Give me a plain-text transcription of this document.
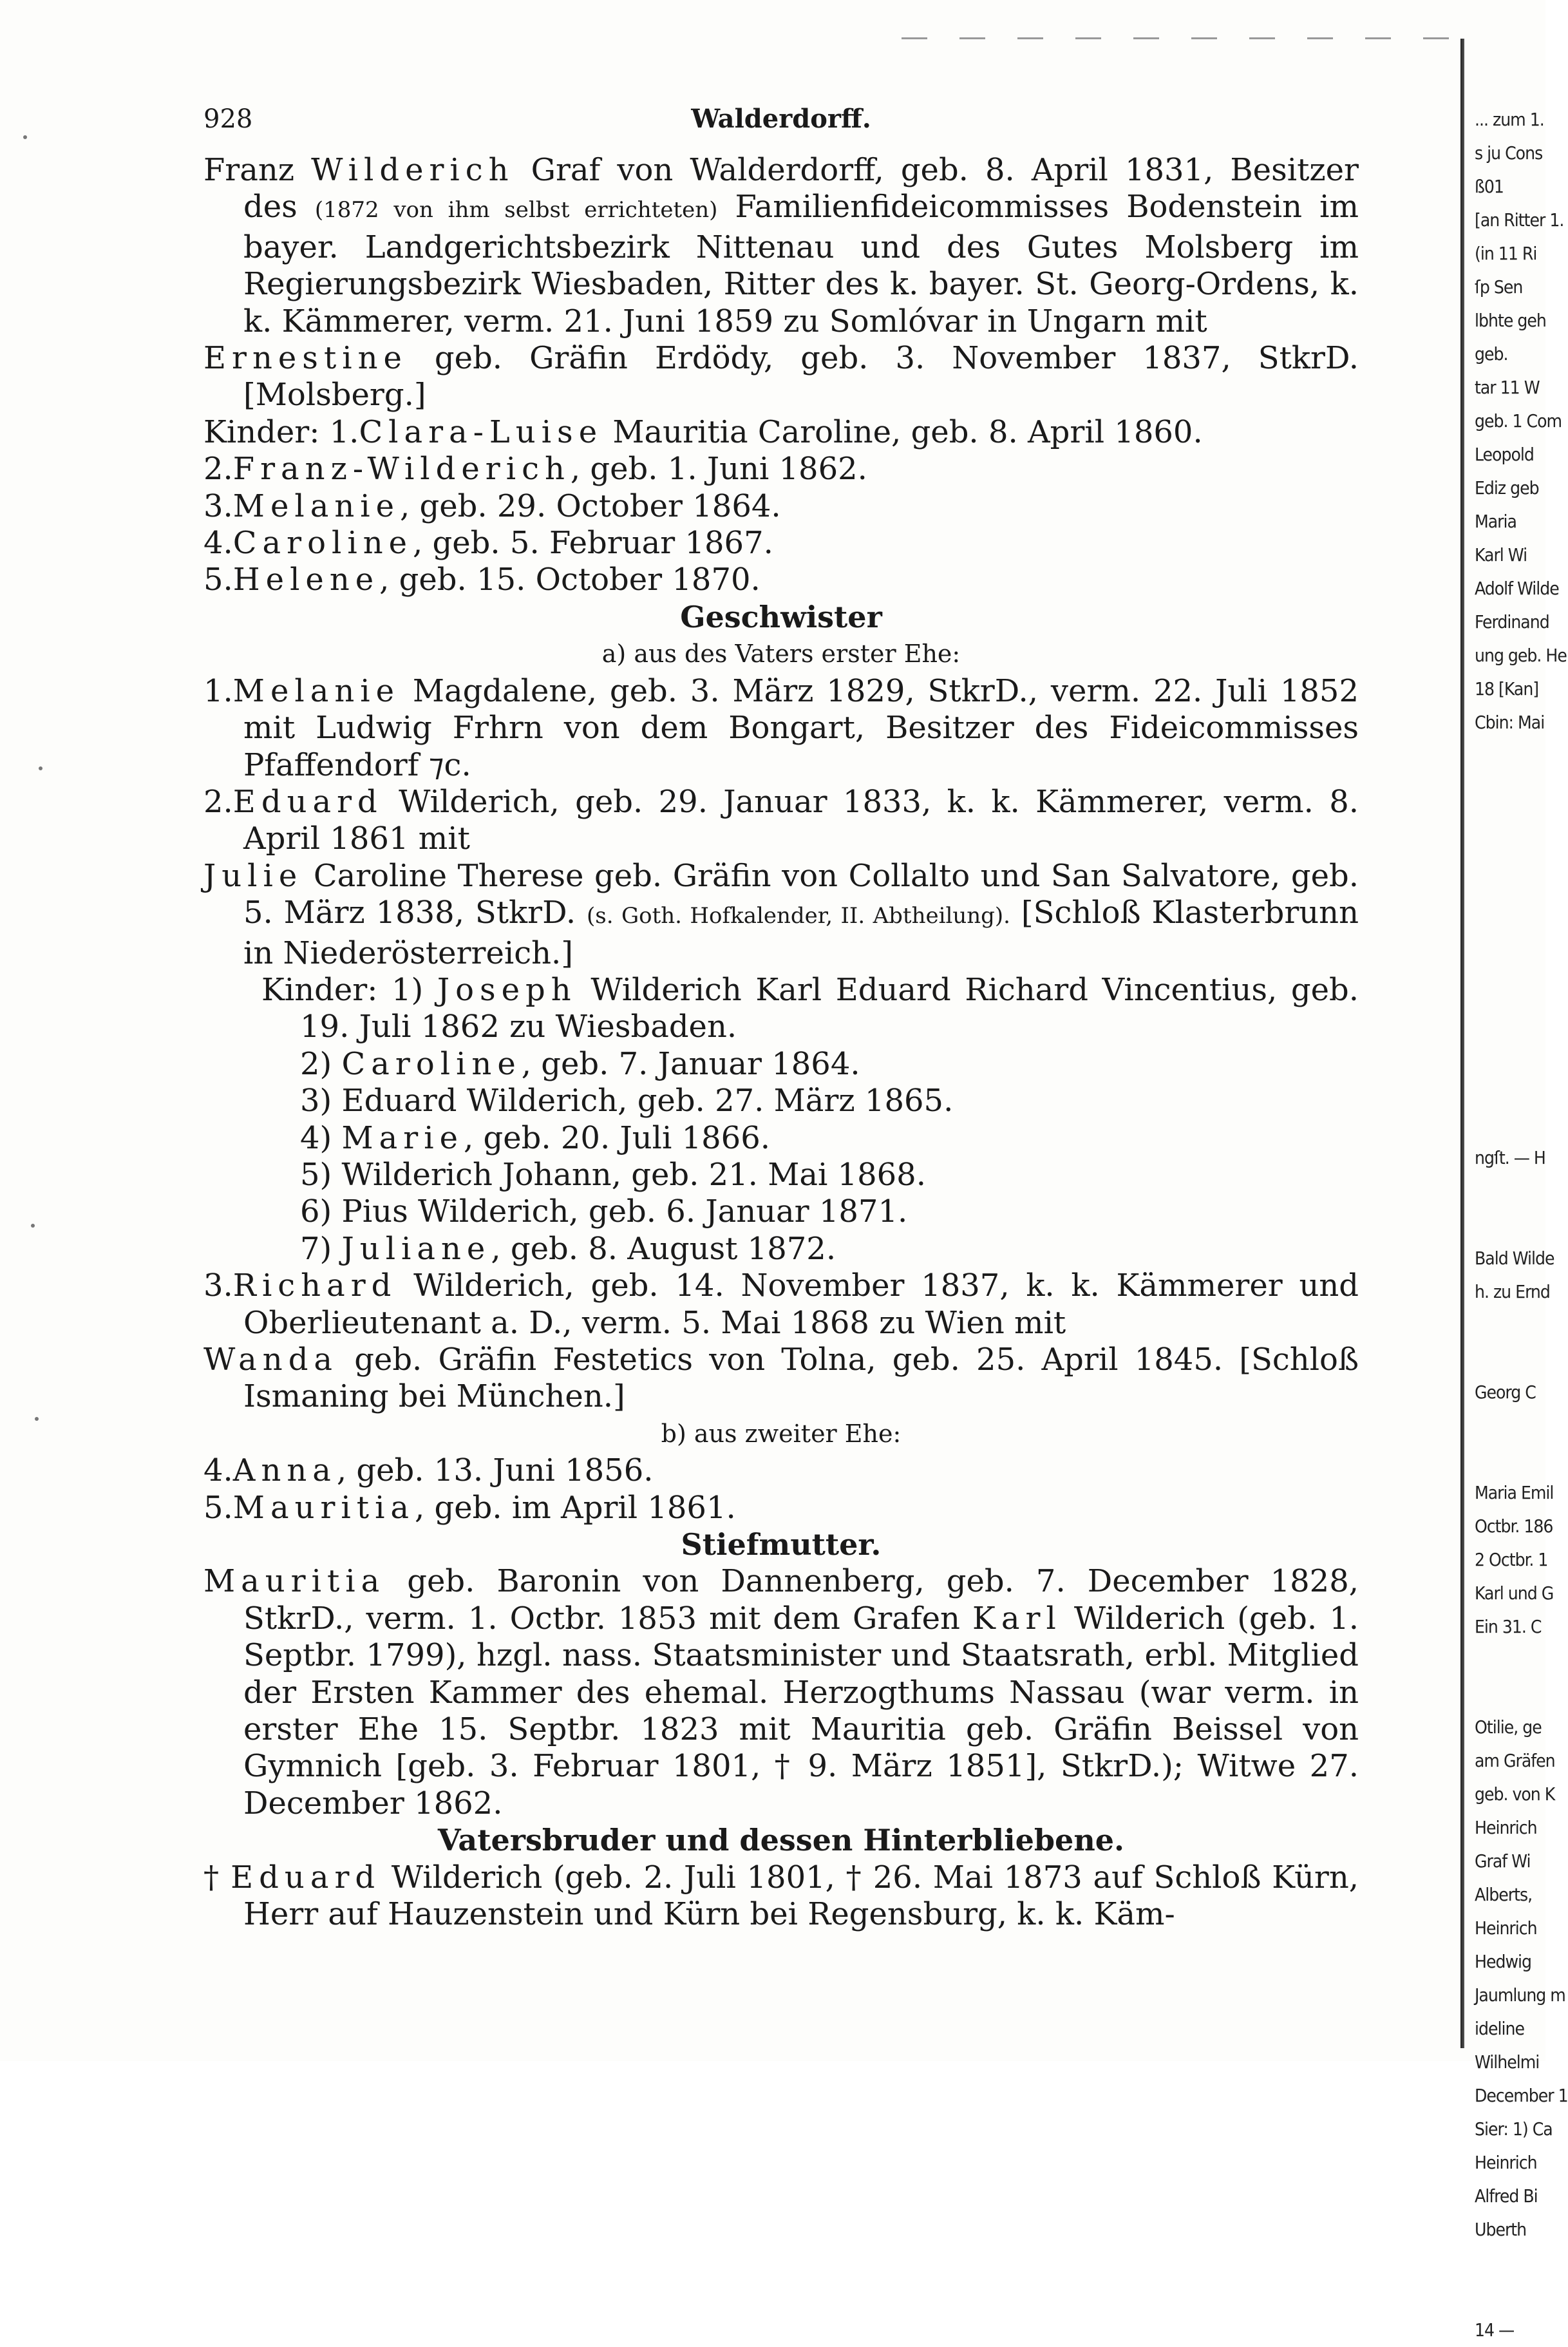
928	Walderdorff.

Franz Wilderich Graf von Walderdorff, geb. 8. April 1831, Besitzer des (1872 von ihm selbst errichteten) Familienfideicommisses Bodenstein im bayer. Landgerichtsbezirk Nittenau und des Gutes Molsberg im Regierungsbezirk Wiesbaden, Ritter des k. bayer. St. Georg-Ordens, k. k. Kämmerer, verm. 21. Juni 1859 zu Somlóvar in Ungarn mit

Ernestine geb. Gräfin Erdödy, geb. 3. November 1837, StkrD. [Molsberg.]

Kinder: 1.Clara-Luise Mauritia Caroline, geb. 8. April 1860.

2.Franz-Wilderich, geb. 1. Juni 1862.

3.Melanie, geb. 29. October 1864.

4.Caroline, geb. 5. Februar 1867.

5.Helene, geb. 15. October 1870.

Geschwister

a) aus des Vaters erster Ehe:

1.Melanie Magdalene, geb. 3. März 1829, StkrD., verm. 22. Juli 1852 mit Ludwig Frhrn von dem Bongart, Besitzer des Fideicommisses Pfaffendorf ⁊c.

2.Eduard Wilderich, geb. 29. Januar 1833, k. k. Kämmerer, verm. 8. April 1861 mit

Julie Caroline Therese geb. Gräfin von Collalto und San Salvatore, geb. 5. März 1838, StkrD. (s. Goth. Hofkalender, II. Abtheilung). [Schloß Klasterbrunn in Niederösterreich.]

Kinder: 1) Joseph Wilderich Karl Eduard Richard Vincentius, geb. 19. Juli 1862 zu Wiesbaden.

2) Caroline, geb. 7. Januar 1864.

3) Eduard Wilderich, geb. 27. März 1865.

4) Marie, geb. 20. Juli 1866.

5) Wilderich Johann, geb. 21. Mai 1868.

6) Pius Wilderich, geb. 6. Januar 1871.

7) Juliane, geb. 8. August 1872.

3.Richard Wilderich, geb. 14. November 1837, k. k. Kämmerer und Oberlieutenant a. D., verm. 5. Mai 1868 zu Wien mit

Wanda geb. Gräfin Festetics von Tolna, geb. 25. April 1845. [Schloß Ismaning bei München.]

b) aus zweiter Ehe:

4.Anna, geb. 13. Juni 1856.

5.Mauritia, geb. im April 1861.

Stiefmutter.

Mauritia geb. Baronin von Dannenberg, geb. 7. December 1828, StkrD., verm. 1. Octbr. 1853 mit dem Grafen Karl Wilderich (geb. 1. Septbr. 1799), hzgl. nass. Staatsminister und Staatsrath, erbl. Mitglied der Ersten Kammer des ehemal. Herzogthums Nassau (war verm. in erster Ehe 15. Septbr. 1823 mit Mauritia geb. Gräfin Beissel von Gymnich [geb. 3. Februar 1801, † 9. März 1851], StkrD.); Witwe 27. December 1862.

Vatersbruder und dessen Hinterbliebene.

† Eduard Wilderich (geb. 2. Juli 1801, † 26. Mai 1873 auf Schloß Kürn, Herr auf Hauzenstein und Kürn bei Regensburg, k. k. Käm-

... zum 1.
s ju Cons
ß01
[an Ritter 1.
(in 11 Ri
ſp Sen
lbhte geh
geb.
tar 11 W
geb. 1 Com
Leopold
Ediz geb
Maria
Karl Wi
Adolf Wilde
Ferdinand
ung geb. He
18 [Kan]
Cbin: Mai

ngſt. — H

Bald Wilde
h. zu Ernd

Georg C

Maria Emil
Octbr. 186
2 Octbr. 1
Karl und G
Ein 31. C

Otilie, ge
am Gräfen
geb. von K
Heinrich
Graf Wi
Alberts,
Heinrich
Hedwig
Jaumlung m
ideline
Wilhelmi
December 1
Sier: 1) Ca
Heinrich
Alfred Bi
Uberth

14 —
